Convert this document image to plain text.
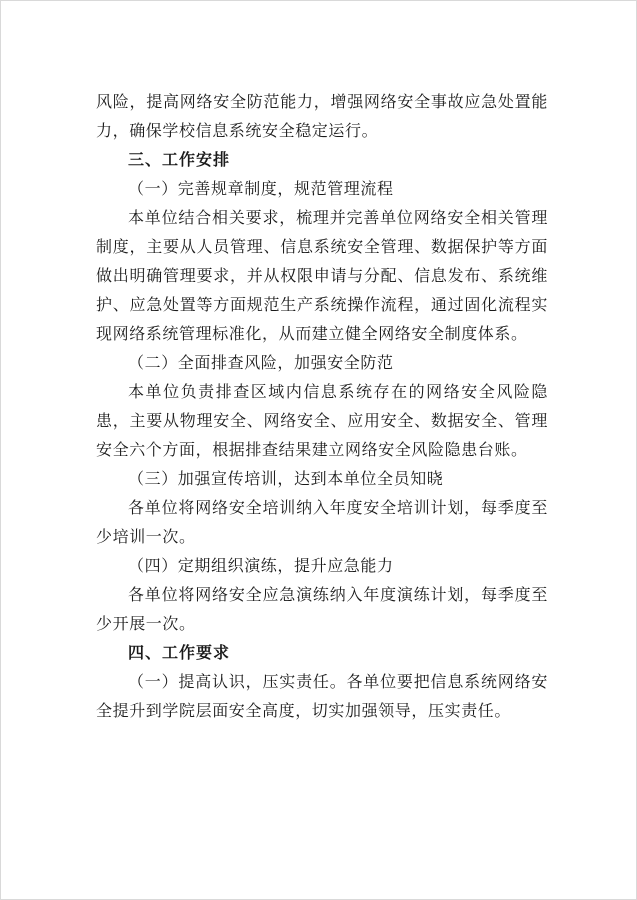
风险，提高网络安全防范能力，增强网络安全事故应急处置能力，确保学校信息系统安全稳定运行。

三、工作安排

（一）完善规章制度，规范管理流程

本单位结合相关要求，梳理并完善单位网络安全相关管理制度，主要从人员管理、信息系统安全管理、数据保护等方面做出明确管理要求，并从权限申请与分配、信息发布、系统维护、应急处置等方面规范生产系统操作流程，通过固化流程实现网络系统管理标准化，从而建立健全网络安全制度体系。

（二）全面排查风险，加强安全防范

本单位负责排查区域内信息系统存在的网络安全风险隐患，主要从物理安全、网络安全、应用安全、数据安全、管理安全六个方面，根据排查结果建立网络安全风险隐患台账。

（三）加强宣传培训，达到本单位全员知晓

各单位将网络安全培训纳入年度安全培训计划，每季度至少培训一次。

（四）定期组织演练，提升应急能力

各单位将网络安全应急演练纳入年度演练计划，每季度至少开展一次。

四、工作要求

（一）提高认识，压实责任。各单位要把信息系统网络安全提升到学院层面安全高度，切实加强领导，压实责任。
